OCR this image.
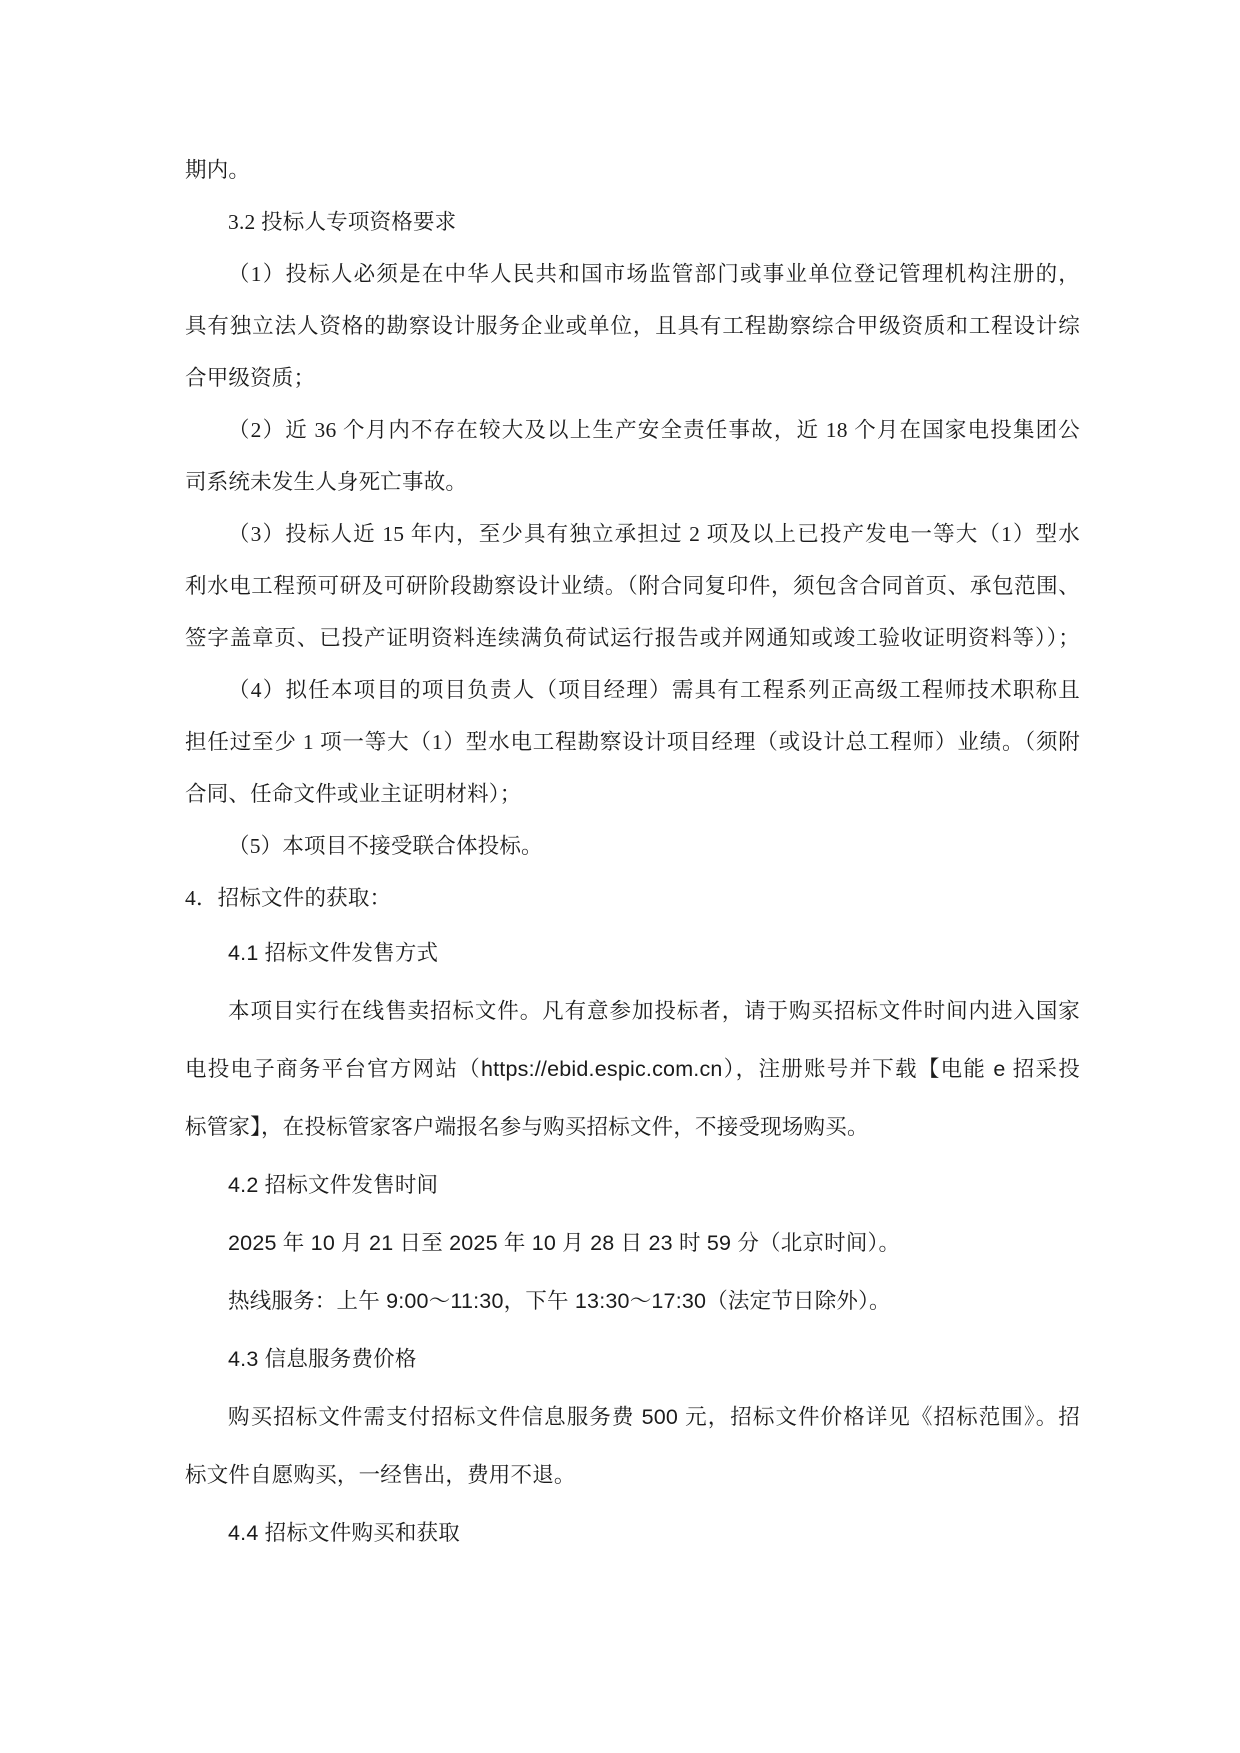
期内。

3.2 投标人专项资格要求

（1）投标人必须是在中华人民共和国市场监管部门或事业单位登记管理机构注册的，

具有独立法人资格的勘察设计服务企业或单位，且具有工程勘察综合甲级资质和工程设计综

合甲级资质；

（2）近 36 个月内不存在较大及以上生产安全责任事故，近 18 个月在国家电投集团公

司系统未发生人身死亡事故。

（3）投标人近 15 年内，至少具有独立承担过 2 项及以上已投产发电一等大（1）型水

利水电工程预可研及可研阶段勘察设计业绩。（附合同复印件，须包含合同首页、承包范围、

签字盖章页、已投产证明资料连续满负荷试运行报告或并网通知或竣工验收证明资料等））；

（4）拟任本项目的项目负责人（项目经理）需具有工程系列正高级工程师技术职称且

担任过至少 1 项一等大（1）型水电工程勘察设计项目经理（或设计总工程师）业绩。（须附

合同、任命文件或业主证明材料）；

（5）本项目不接受联合体投标。

4．招标文件的获取：

4.1 招标文件发售方式

本项目实行在线售卖招标文件。凡有意参加投标者，请于购买招标文件时间内进入国家

电投电子商务平台官方网站（https://ebid.espic.com.cn），注册账号并下载【电能 e 招采投

标管家】，在投标管家客户端报名参与购买招标文件，不接受现场购买。

4.2 招标文件发售时间

2025 年 10 月 21 日至 2025 年 10 月 28 日 23 时 59 分（北京时间）。

热线服务：上午 9:00～11:30，下午 13:30～17:30（法定节日除外）。

4.3 信息服务费价格

购买招标文件需支付招标文件信息服务费 500 元，招标文件价格详见《招标范围》。招

标文件自愿购买，一经售出，费用不退。

4.4 招标文件购买和获取
